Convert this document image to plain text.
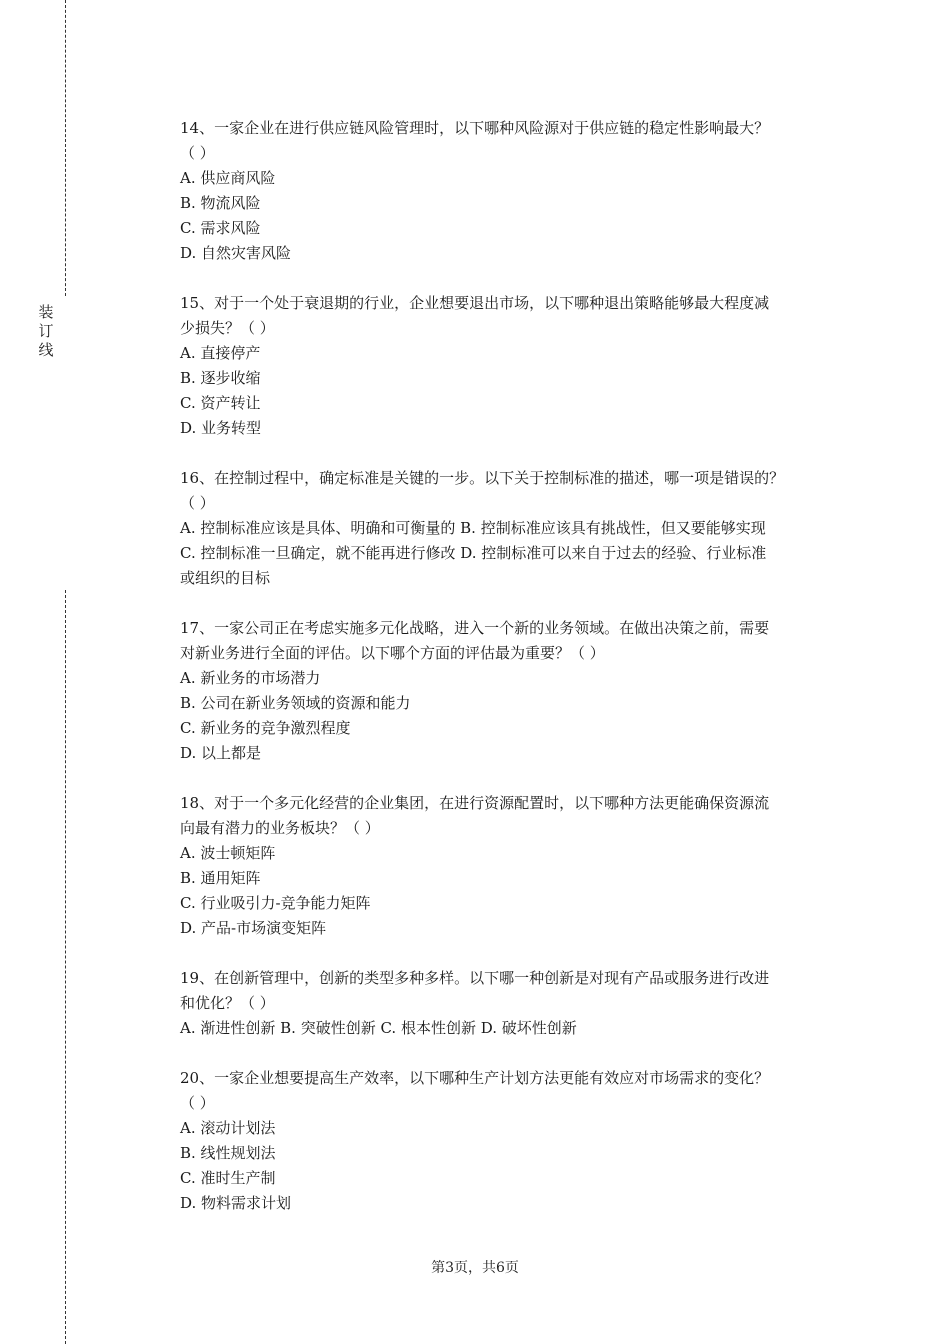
装
订
线
14、一家企业在进行供应链风险管理时，以下哪种风险源对于供应链的稳定性影响最大？
（ ）
A. 供应商风险
B. 物流风险
C. 需求风险
D. 自然灾害风险
15、对于一个处于衰退期的行业，企业想要退出市场，以下哪种退出策略能够最大程度减
少损失？（ ）
A. 直接停产
B. 逐步收缩
C. 资产转让
D. 业务转型
16、在控制过程中，确定标准是关键的一步。以下关于控制标准的描述，哪一项是错误的？
（ ）
A. 控制标准应该是具体、明确和可衡量的 B. 控制标准应该具有挑战性，但又要能够实现
C. 控制标准一旦确定，就不能再进行修改 D. 控制标准可以来自于过去的经验、行业标准
或组织的目标
17、一家公司正在考虑实施多元化战略，进入一个新的业务领域。在做出决策之前，需要
对新业务进行全面的评估。以下哪个方面的评估最为重要？（ ）
A. 新业务的市场潜力
B. 公司在新业务领域的资源和能力
C. 新业务的竞争激烈程度
D. 以上都是
18、对于一个多元化经营的企业集团，在进行资源配置时，以下哪种方法更能确保资源流
向最有潜力的业务板块？（ ）
A. 波士顿矩阵
B. 通用矩阵
C. 行业吸引力-竞争能力矩阵
D. 产品-市场演变矩阵
19、在创新管理中，创新的类型多种多样。以下哪一种创新是对现有产品或服务进行改进
和优化？（ ）
A. 渐进性创新 B. 突破性创新 C. 根本性创新 D. 破坏性创新
20、一家企业想要提高生产效率，以下哪种生产计划方法更能有效应对市场需求的变化？
（ ）
A. 滚动计划法
B. 线性规划法
C. 准时生产制
D. 物料需求计划
第3页，共6页
